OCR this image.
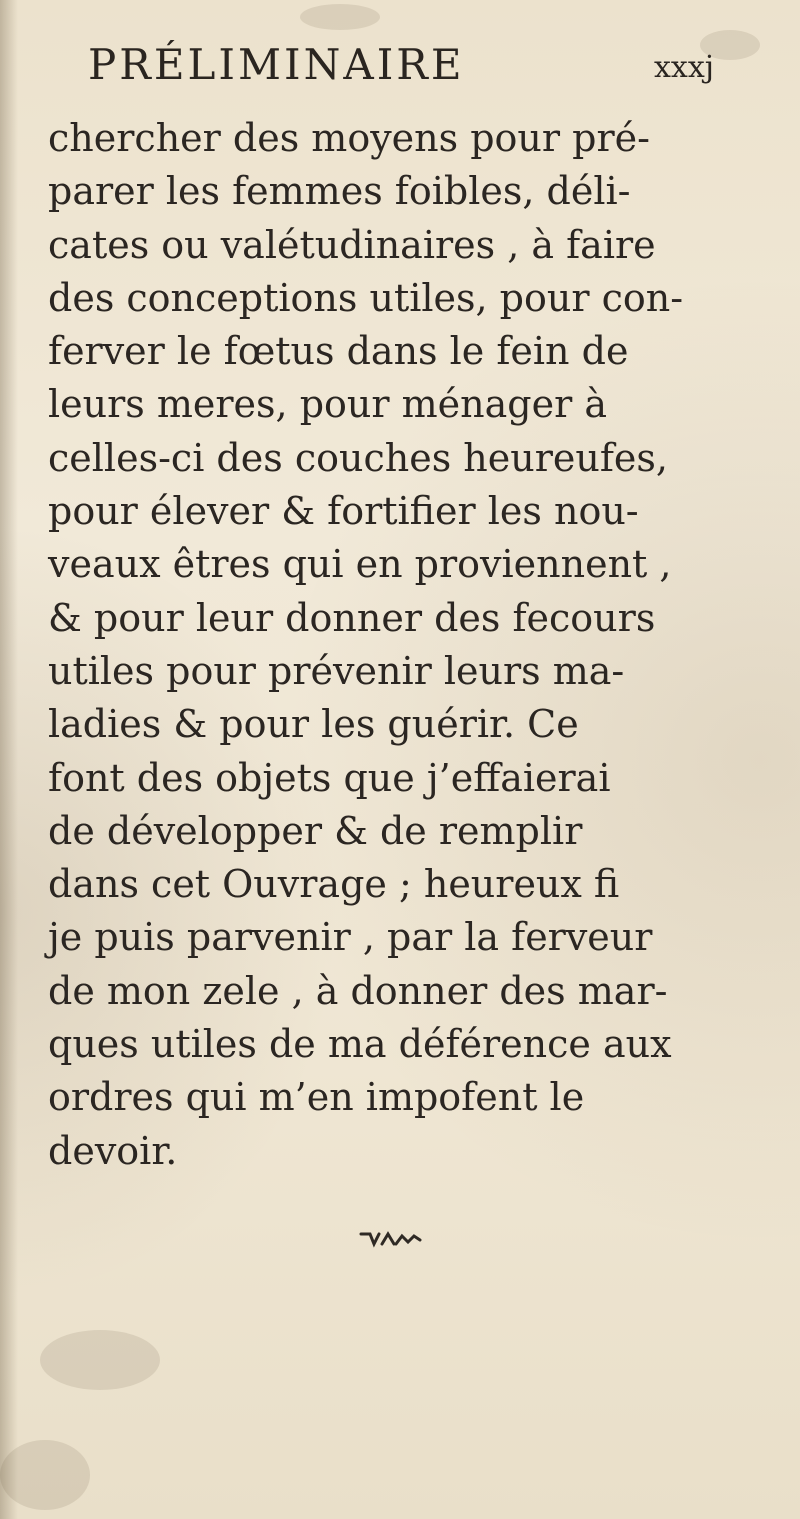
PRÉLIMINAIRE	xxxj
chercher des moyens pour pré-
parer les femmes foibles, déli-
cates ou valétudinaires , à faire
des conceptions utiles, pour con-
ferver le fœtus dans le fein de
leurs meres, pour ménager à
celles-ci des couches heureufes,
pour élever & fortifier les nou-
veaux êtres qui en proviennent ,
& pour leur donner des fecours
utiles pour prévenir leurs ma-
ladies & pour les guérir. Ce
font des objets que j’effaierai
de développer & de remplir
dans cet Ouvrage ; heureux fi
je puis parvenir , par la ferveur
de mon zele , à donner des mar-
ques utiles de ma déférence aux
ordres qui m’en impofent le
devoir.
